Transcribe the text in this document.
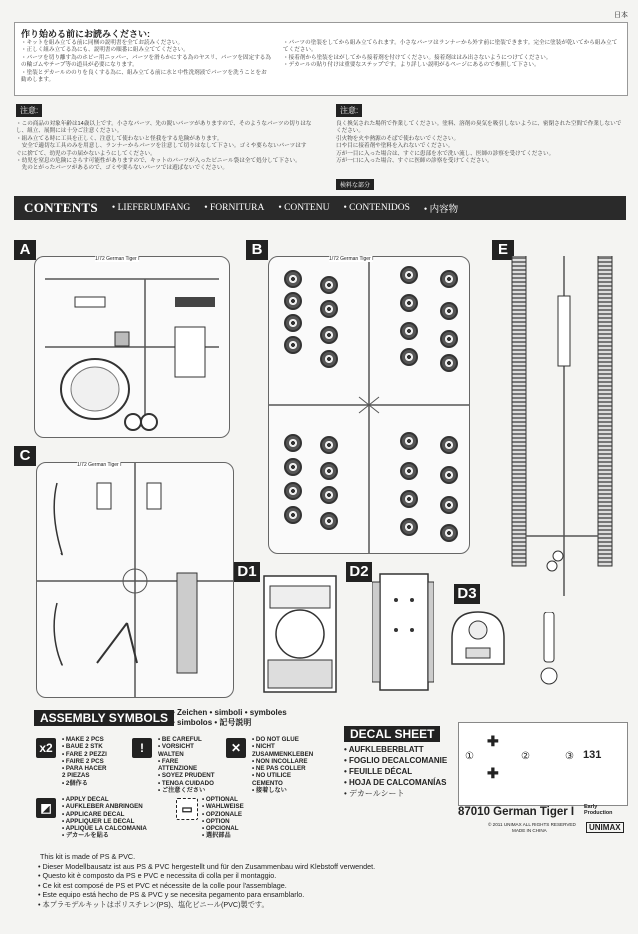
日本
作り始める前にお読みください:
・キットを組み立てる前に同梱の説明書を全てお読みください。
・正しく組み立てる為にも、説明書の順番に組み立ててください。
・パーツを切り離す為のホビー用ニッパー、パーツを滑らかにする為のヤスリ、パーツを固定する為の輪ゴムやテープ等の道具が必要になります。
・塗装とデカールののりを良くする為に、組み立てる前に水と中性洗剤液でパーツを洗うことをお勧めします。
・パーツの塗装をしてから組み立てられます。小さなパーツはランナーから外す前に塗装できます。完全に塗装が乾いてから組み立ててください。
・接着剤から塗装をはがしてから接着剤を付けてください。接着剤ははみ出さないようにつけてください。
・デカールの貼り付けは重要なステップです。より詳しい説明がるページにあるので参照して下さい。
注意:
・この商品の対象年齢は14歳以上です。小さなパーツ、先の鋭いパーツがありますので、そのようなパーツの切りはなし、組立、展開には十分ご注意ください。
・組み立てる時に工具を正しく、注意して使わないと怪我をする危険があります。
　安全で適切な工具のみを用意し、ランナーからパーツを注意して切りはなして下さい。ゴミや要らないパーツはすぐに捨てて、幼児の手の届かないようにしてください。
・幼児を窒息の危険にさらす可能性がありますので、キットのパーツが入ったビニール袋は全て処分して下さい。
　先のとがったパーツがあるので、ゴミや要らないパーツでは遊ばないでください。
注意:
良く換気された場所で作業してください。塗料、溶剤の臭気を吸引しないように、密閉された空間で作業しないでください。
引火物を火や熱源のそばで使わないでください。
口や目に接着剤や塗料を入れないでください。
万が一目に入った場合は、すぐに患部を水で洗い流し、医師の診察を受けてください。
万が一口に入った場合、すぐに医師の診察を受けてください。
検料な部分
CONTENTS • LIEFERUMFANG • FORNITURA • CONTENU • CONTENIDOS • 内容物
A
1/72 German Tiger I
B
1/72 German Tiger I
E
C
1/72 German Tiger I
D1	D2
D3
ASSEMBLY SYMBOLS • Zeichen • simboli • symboles
• simbolos • 記号説明
x2
• MAKE 2 PCS
• BAUE 2 STK
• FARE 2 PEZZI
• FAIRE 2 PCS
• PARA HACER
2 PIEZAS
• 2個作る
!
• BE CAREFUL
• VORSICHT
WALTEN
• FARE
ATTENZIONE
• SOYEZ PRUDENT
• TENGA CUIDADO
• ご注意ください
✕
• DO NOT GLUE
• NICHT
ZUSAMMENKLEBEN
• NON INCOLLARE
• NE PAS COLLER
• NO UTILICE
CEMENTO
• 接着しない
◩
• APPLY DECAL
• AUFKLEBER ANBRINGEN
• APPLICARE DECAL
• APPLIQUER LE DECAL
• APLIQUE LA CALCOMANIA
• デカールを貼る
▭
• OPTIONAL
• WAHLWEISE
• OPZIONALE
• OPTION
• OPCIONAL
• 選択部品
DECAL SHEET
• AUFKLEBERBLATT
• FOGLIO DECALCOMANIE
• FEUILLE DÉCAL
• HOJA DE CALCOMANÍAS
• デカールシート
①	②	③
✚
✚
131
87010 German Tiger I Early Production
© 2011 UNIMAX ALL RIGHTS RESERVED
MADE IN CHINA	UNIMAX
This kit is made of PS & PVC.
• Dieser Modellbausatz ist aus PS & PVC hergestellt und für den Zusammenbau wird Klebstoff verwendet.
• Questo kit è composto da PS e PVC e necessita di colla per il montaggio.
• Ce kit est composé de PS et PVC et nécessite de la colle pour l'assemblage.
• Este equipo está hecho de PS & PVC y se necesita pegamento para ensamblarlo.
• 本プラモデルキットはポリスチレン(PS)、塩化ビニール(PVC)製です。
